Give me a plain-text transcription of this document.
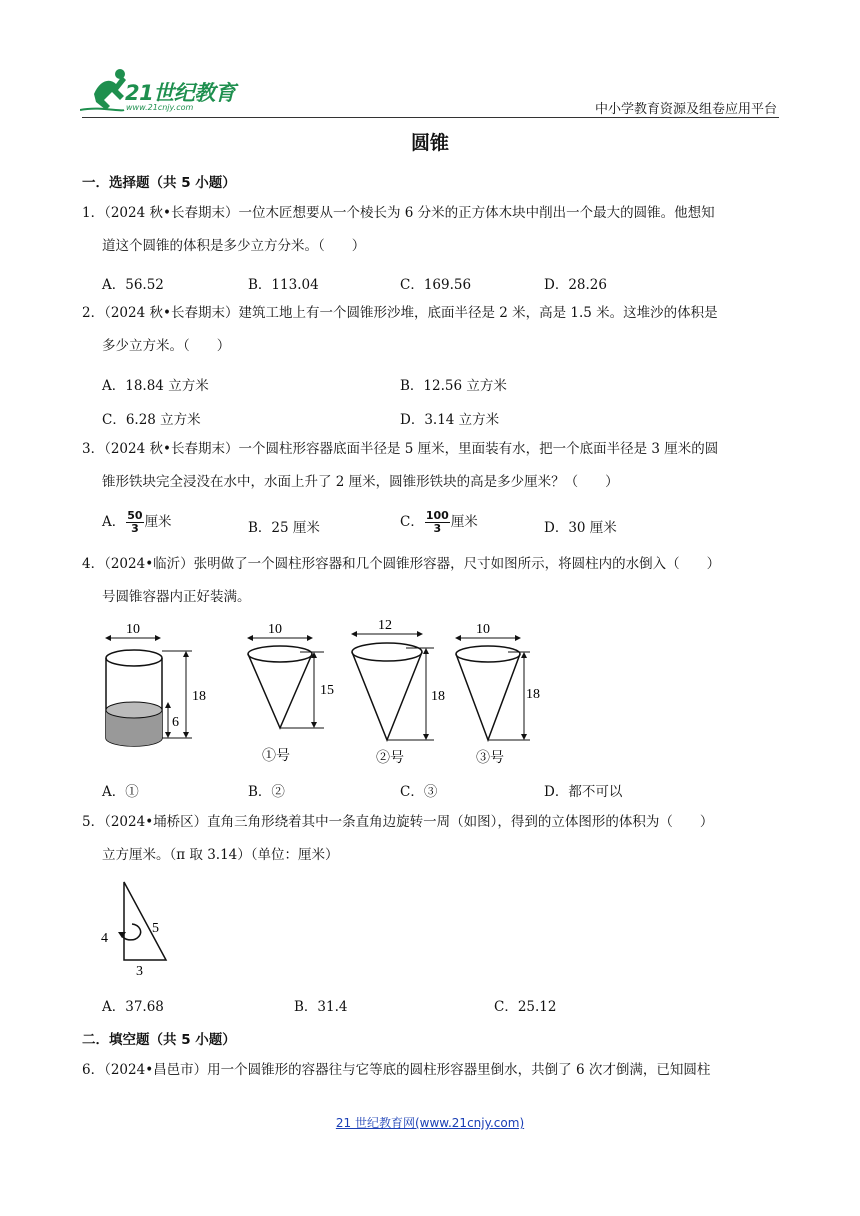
21世纪教育
www.21cnjy.com	中小学教育资源及组卷应用平台
圆锥
一．选择题（共 5 小题）
1．（2024 秋•长春期末）一位木匠想要从一个棱长为 6 分米的正方体木块中削出一个最大的圆锥。他想知
道这个圆锥的体积是多少立方分米。（　　）
A．56.52	B．113.04	C．169.56	D．28.26
2．（2024 秋•长春期末）建筑工地上有一个圆锥形沙堆，底面半径是 2 米，高是 1.5 米。这堆沙的体积是
多少立方米。（　　）
A．18.84 立方米	B．12.56 立方米
C．6.28 立方米	D．3.14 立方米
3．（2024 秋•长春期末）一个圆柱形容器底面半径是 5 厘米，里面装有水，把一个底面半径是 3 厘米的圆
锥形铁块完全浸没在水中，水面上升了 2 厘米，圆锥形铁块的高是多少厘米？（　　）
A． $\frac{50}{3}$ 厘米	B．25 厘米	C． $\frac{100}{3}$ 厘米	D．30 厘米
4．（2024•临沂）张明做了一个圆柱形容器和几个圆锥形容器，尺寸如图所示，将圆柱内的水倒入（　　）
号圆锥容器内正好装满。
10
18
6
10
15
①号
12
18
②号
10
18
③号
A．①	B．②	C．③	D．都不可以
5．（2024•埇桥区）直角三角形绕着其中一条直角边旋转一周（如图），得到的立体图形的体积为（　　）
立方厘米。（π 取 3.14）（单位：厘米）
4
5
3
A．37.68	B．31.4	C．25.12
二．填空题（共 5 小题）
6．（2024•昌邑市）用一个圆锥形的容器往与它等底的圆柱形容器里倒水，共倒了 6 次才倒满，已知圆柱
21 世纪教育网(www.21cnjy.com)
